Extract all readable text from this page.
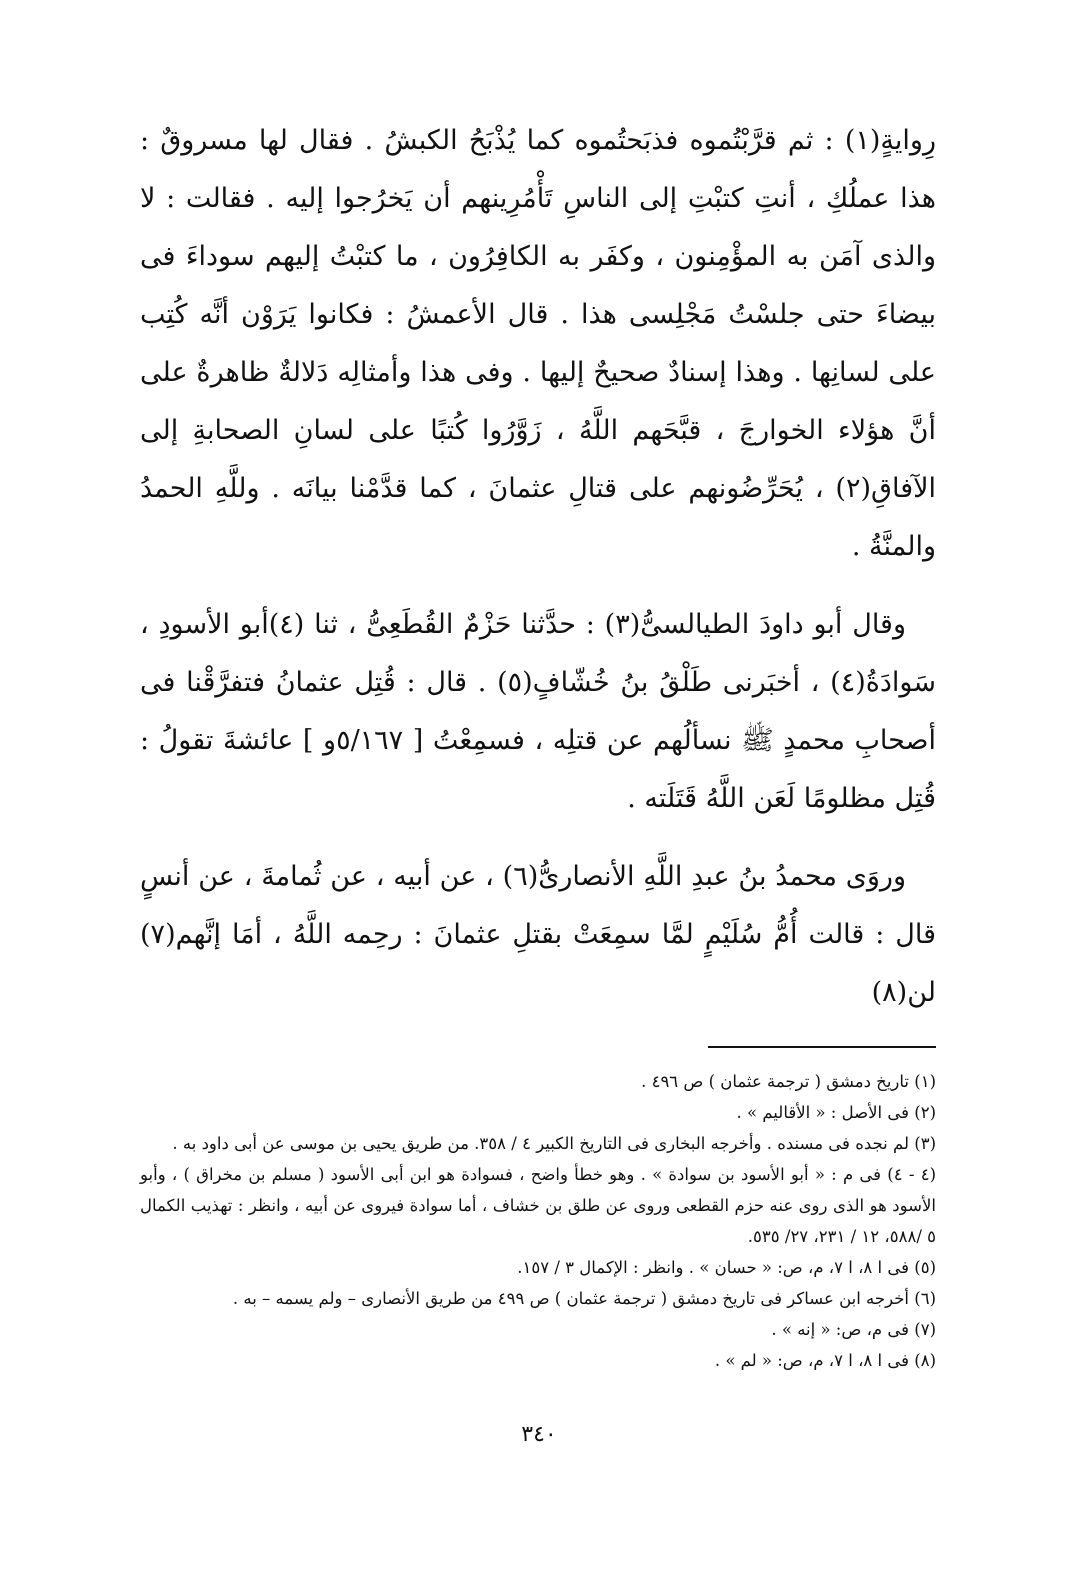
رِوايةٍ(١) : ثم قرَّبْتُموه فذبَحتُموه كما يُذْبَحُ الكبشُ . فقال لها مسروقٌ : هذا عملُكِ ، أنتِ كتبْتِ إلى الناسِ تَأْمُرِينهم أن يَخرُجوا إليه . فقالت : لا والذى آمَن به المؤْمِنون ، وكفَر به الكافِرُون ، ما كتبْتُ إليهم سوداءَ فى بيضاءَ حتى جلسْتُ مَجْلِسى هذا . قال الأعمشُ : فكانوا يَرَوْن أنَّه كُتِب على لسانِها . وهذا إسنادٌ صحيحٌ إليها . وفى هذا وأمثالِه دَلالةٌ ظاهرةٌ على أنَّ هؤلاء الخوارجَ ، قبَّحَهم اللَّهُ ، زَوَّرُوا كُتبًا على لسانِ الصحابةِ إلى الآفاقِ(٢) ، يُحَرِّضُونهم على قتالِ عثمانَ ، كما قدَّمْنا بيانَه . وللَّهِ الحمدُ والمنَّةُ .

وقال أبو داودَ الطيالسىُّ(٣) : حدَّثنا حَزْمٌ القُطَعِىُّ ، ثنا (٤)أبو الأسودِ ، سَوادَةُ(٤) ، أخبَرنى طَلْقُ بنُ خُشّافٍ(٥) . قال : قُتِل عثمانُ فتفرَّقْنا فى أصحابِ محمدٍ ﷺ نسألُهم عن قتلِه ، فسمِعْتُ [ ٥/١٦٧و ] عائشةَ تقولُ : قُتِل مظلومًا لَعَن اللَّهُ قَتَلَته .

وروَى محمدُ بنُ عبدِ اللَّهِ الأنصارىُّ(٦) ، عن أبيه ، عن ثُمامةَ ، عن أنسٍ قال : قالت أُمُّ سُلَيْمٍ لمَّا سمِعَتْ بقتلِ عثمانَ : رحِمه اللَّهُ ، أمَا إنَّهم(٧) لن(٨)

(١) تاريخ دمشق ( ترجمة عثمان ) ص ٤٩٦ .

(٢) فى الأصل : « الأقاليم » .

(٣) لم نجده فى مسنده . وأخرجه البخارى فى التاريخ الكبير ٤ / ٣٥٨. من طريق يحيى بن موسى عن أبى داود به .

(٤ - ٤) فى م : « أبو الأسود بن سوادة » . وهو خطأ واضح ، فسوادة هو ابن أبى الأسود ( مسلم بن مخراق ) ، وأبو الأسود هو الذى روى عنه حزم القطعى وروى عن طلق بن خشاف ، أما سوادة فيروى عن أبيه ، وانظر : تهذيب الكمال ٥ /٥٨٨، ١٢ / ٢٣١، ٢٧/ ٥٣٥.

(٥) فى ا ٨، ا ٧، م، ص: « حسان » . وانظر : الإكمال ٣ / ١٥٧.

(٦) أخرجه ابن عساكر فى تاريخ دمشق ( ترجمة عثمان ) ص ٤٩٩ من طريق الأنصارى – ولم يسمه – به .

(٧) فى م، ص: « إنه » .

(٨) فى ا ٨، ا ٧، م، ص: « لم » .

٣٤٠
